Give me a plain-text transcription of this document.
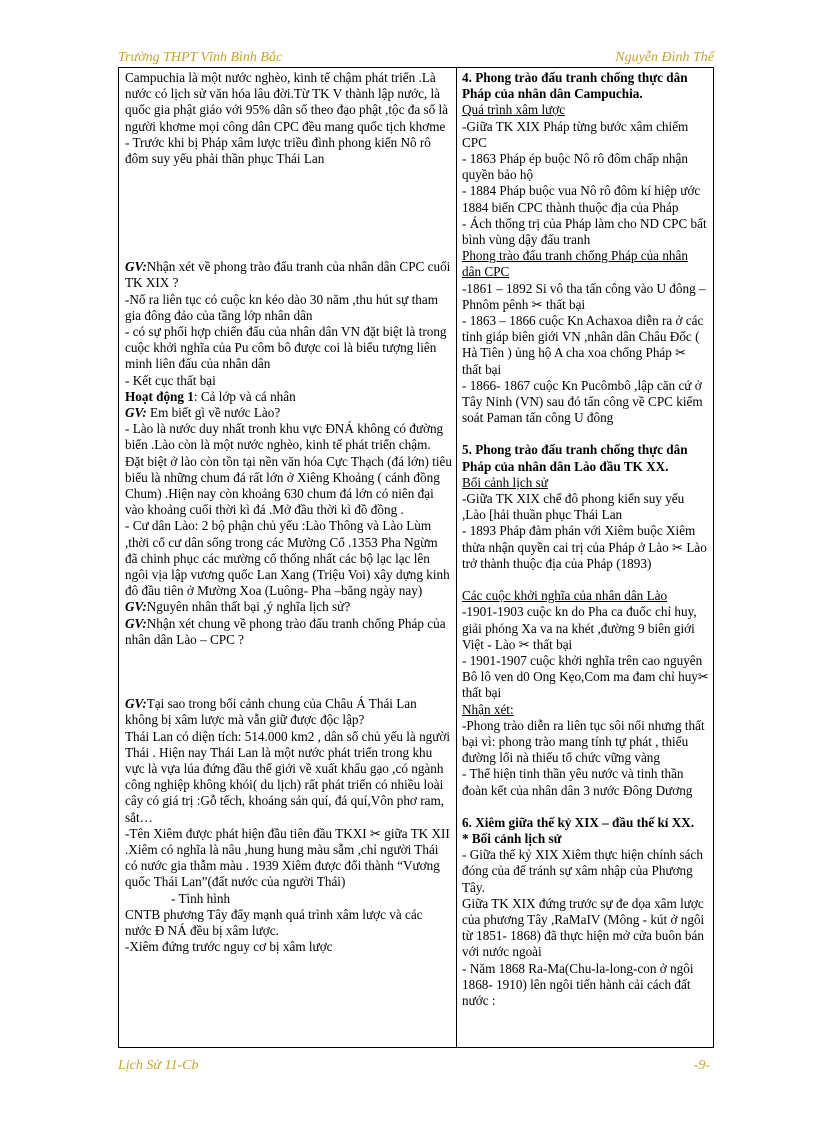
Trường THPT Vĩnh Bình Bắc	Nguyễn Đình Thế

Campuchia là một nước nghèo, kinh tế chậm phát triển .Là nước có lịch sử văn hóa lâu đời.Từ TK V thành lập nước, là quốc gia phật giáo với 95% dân số theo đạo phật ,tộc đa số là người khơme mọi công dân CPC đều mang quốc tịch khơme

- Trước khi bị Pháp xâm lược triều đình phong kiến Nô rô đôm suy yếu phải thần phục Thái Lan

GV:Nhận xét về phong trào đấu tranh của nhân dân CPC cuối TK XIX ?

-Nổ ra liên tục có cuộc kn kéo dào 30 năm ,thu hút sự tham gia đông đảo của tầng lớp nhân dân

- có sự phối hợp chiến đấu của nhân dân VN đặt biệt là trong cuộc khởi nghĩa của Pu côm bô được coi là biểu tượng liên minh liên đấu của nhân dân

- Kết cục thất bại

Hoạt động 1: Cả lớp và cá nhân

GV: Em biết gì về nước Lào?

- Lào là nước duy nhất tronh khu vực ĐNÁ không có đường biển .Lào còn là một nước nghèo, kinh tế phát triển chậm. Đặt biệt ở lào còn tồn tại nền văn hóa Cực Thạch (đá lớn) tiêu biểu là những chum đá rất lớn ở Xiêng Khoảng ( cánh đồng Chum) .Hiện nay còn khoảng 630 chum đá lớn có niên đại vào khoảng cuối thời kì đá .Mở đầu thời kì đồ đồng .

- Cư dân Lào: 2 bộ phận chủ yếu :Lào Thông và Lào Lùm ,thời cổ cư dân sống trong các Mường Cổ .1353 Pha Ngừm đã chinh phục các mường cổ thống nhất các bộ lạc lạc lên ngôi vịa lập vương quốc Lan Xang (Triệu Voi) xây dựng kinh đô đầu tiên ở Mường Xoa (Luông- Pha –băng ngày nay)

GV:Nguyên nhân thất bại ,ý nghĩa lịch sử?

GV:Nhận xét chung về phong trào đấu tranh chống Pháp của nhân dân Lào – CPC ?

GV:Tại sao trong bối cảnh chung của Châu Á Thái Lan không bị xâm lược mà vẫn giữ được độc lập?

Thái Lan có diện tích: 514.000 km2 , dân số chủ yếu là người Thái . Hiện nay Thái Lan là một nước phát triển trong khu vực là vựa lúa đứng đầu thế giới về xuất khẩu gạo ,có ngành công nghiệp không khói( du lịch) rất phát triển có nhiều loài cây có giá trị :Gỗ tếch, khoáng sản quí, đá quí,Vôn phơ ram, sắt…

-Tên Xiêm được phát hiện đầu tiên đầu TKXI ✂ giữa TK XII .Xiêm có nghĩa là nâu ,hung hung màu sẫm ,chỉ người Thái có nước gia thẫm màu . 1939 Xiêm được đổi thành “Vương quốc Thái Lan”(đất nước của người Thái)

- Tình hình

CNTB phương Tây đẩy mạnh quá trình xâm lược và các nước Đ NÁ đều bị xâm lược.

-Xiêm đứng trước nguy cơ bị xâm lược

4. Phong trào đấu tranh chống thực dân Pháp của nhân dân Campuchia.

Quá trình xâm lược

-Giữa TK XIX Pháp từng bước xâm chiếm CPC

- 1863 Pháp ép buộc Nô rô đôm chấp nhận quyền bảo hộ

- 1884 Pháp buộc vua Nô rô đôm kí hiệp ước 1884 biến CPC thành thuộc địa của Pháp

- Ách thống trị của Pháp làm cho ND CPC bất bình vùng dậy đấu tranh

Phong trào đấu tranh chống Pháp của nhân dân CPC

-1861 – 1892 Si vô tha tấn công vào U đông – Phnôm pênh ✂ thất bại

- 1863 – 1866 cuộc Kn Achaxoa diễn ra ở các tỉnh giáp biên giới VN ,nhân dân Châu Đốc ( Hà Tiên ) ủng hộ A cha xoa chống Pháp ✂ thất bại

- 1866- 1867 cuộc Kn Pucômbô ,lập căn cứ ở Tây Ninh (VN) sau đó tấn công về CPC kiểm soát Paman tấn công U đông

5. Phong trào đấu tranh chống thực dân Pháp của nhân dân Lào đầu TK XX.

Bối cảnh lịch sử

-Giữa TK XIX chế đô phong kiến suy yếu ,Lào [hải thuần phục Thái Lan

- 1893 Pháp đàm phán với Xiêm buộc Xiêm thừa nhận quyền cai trị của Pháp ở Lào ✂ Lào trở thành thuộc địa của Pháp (1893)

Các cuộc khởi nghĩa của nhân dân Lào

-1901-1903 cuộc kn do Pha ca đuốc chỉ huy, giải phóng Xa va na khét ,đường 9 biên giới Việt - Lào ✂ thất bại

- 1901-1907 cuộc khởi nghĩa trên cao nguyên Bô lô ven d0 Ong Kẹo,Com ma đam chỉ huy✂ thất bại

Nhận xét:

-Phong trào diễn ra liên tục sôi nổi nhưng thất bại vì: phong trào mang tính tự phát , thiếu đường lối nà thiếu tổ chức vững vàng

- Thể hiện tinh thần yêu nước và tinh thần đoàn kết của nhân dân 3 nước Đông Dương

6. Xiêm giữa thế kỷ XIX – đầu thế kỉ XX.

* Bối cảnh lịch sử

- Giữa thế kỷ XIX Xiêm thực hiện chính sách đóng của để tránh sự xâm nhập của Phương Tây.

Giữa TK XIX đứng trước sự đe dọa xâm lược của phương Tây ,RaMaIV (Mông - kút ở ngôi từ 1851- 1868) đã thực hiện mở cửa buôn bán với nước ngoài

- Năm 1868 Ra-Ma(Chu-la-long-con ở ngôi 1868- 1910) lên ngôi tiến hành cải cách đất nước :

Lịch Sử 11-Cb	-9-
